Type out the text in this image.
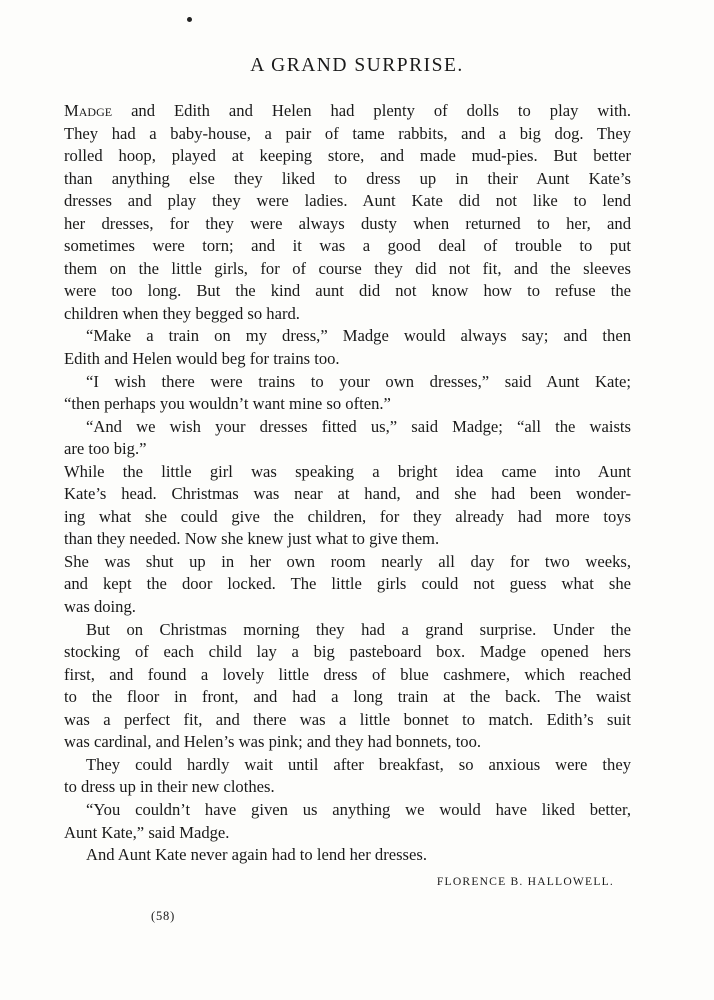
A GRAND SURPRISE.
Madge and Edith and Helen had plenty of dolls to play with.
They had a baby-house, a pair of tame rabbits, and a big dog. They
rolled hoop, played at keeping store, and made mud-pies. But better
than anything else they liked to dress up in their Aunt Kate’s
dresses and play they were ladies. Aunt Kate did not like to lend
her dresses, for they were always dusty when returned to her, and
sometimes were torn; and it was a good deal of trouble to put
them on the little girls, for of course they did not fit, and the sleeves
were too long. But the kind aunt did not know how to refuse the
children when they begged so hard.
“Make a train on my dress,” Madge would always say; and then
Edith and Helen would beg for trains too.
“I wish there were trains to your own dresses,” said Aunt Kate;
“then perhaps you wouldn’t want mine so often.”
“And we wish your dresses fitted us,” said Madge; “all the waists
are too big.”
While the little girl was speaking a bright idea came into Aunt
Kate’s head. Christmas was near at hand, and she had been wonder-
ing what she could give the children, for they already had more toys
than they needed. Now she knew just what to give them.
She was shut up in her own room nearly all day for two weeks,
and kept the door locked. The little girls could not guess what she
was doing.
But on Christmas morning they had a grand surprise. Under the
stocking of each child lay a big pasteboard box. Madge opened hers
first, and found a lovely little dress of blue cashmere, which reached
to the floor in front, and had a long train at the back. The waist
was a perfect fit, and there was a little bonnet to match. Edith’s suit
was cardinal, and Helen’s was pink; and they had bonnets, too.
They could hardly wait until after breakfast, so anxious were they
to dress up in their new clothes.
“You couldn’t have given us anything we would have liked better,
Aunt Kate,” said Madge.
And Aunt Kate never again had to lend her dresses.
FLORENCE B. HALLOWELL.
(58)
